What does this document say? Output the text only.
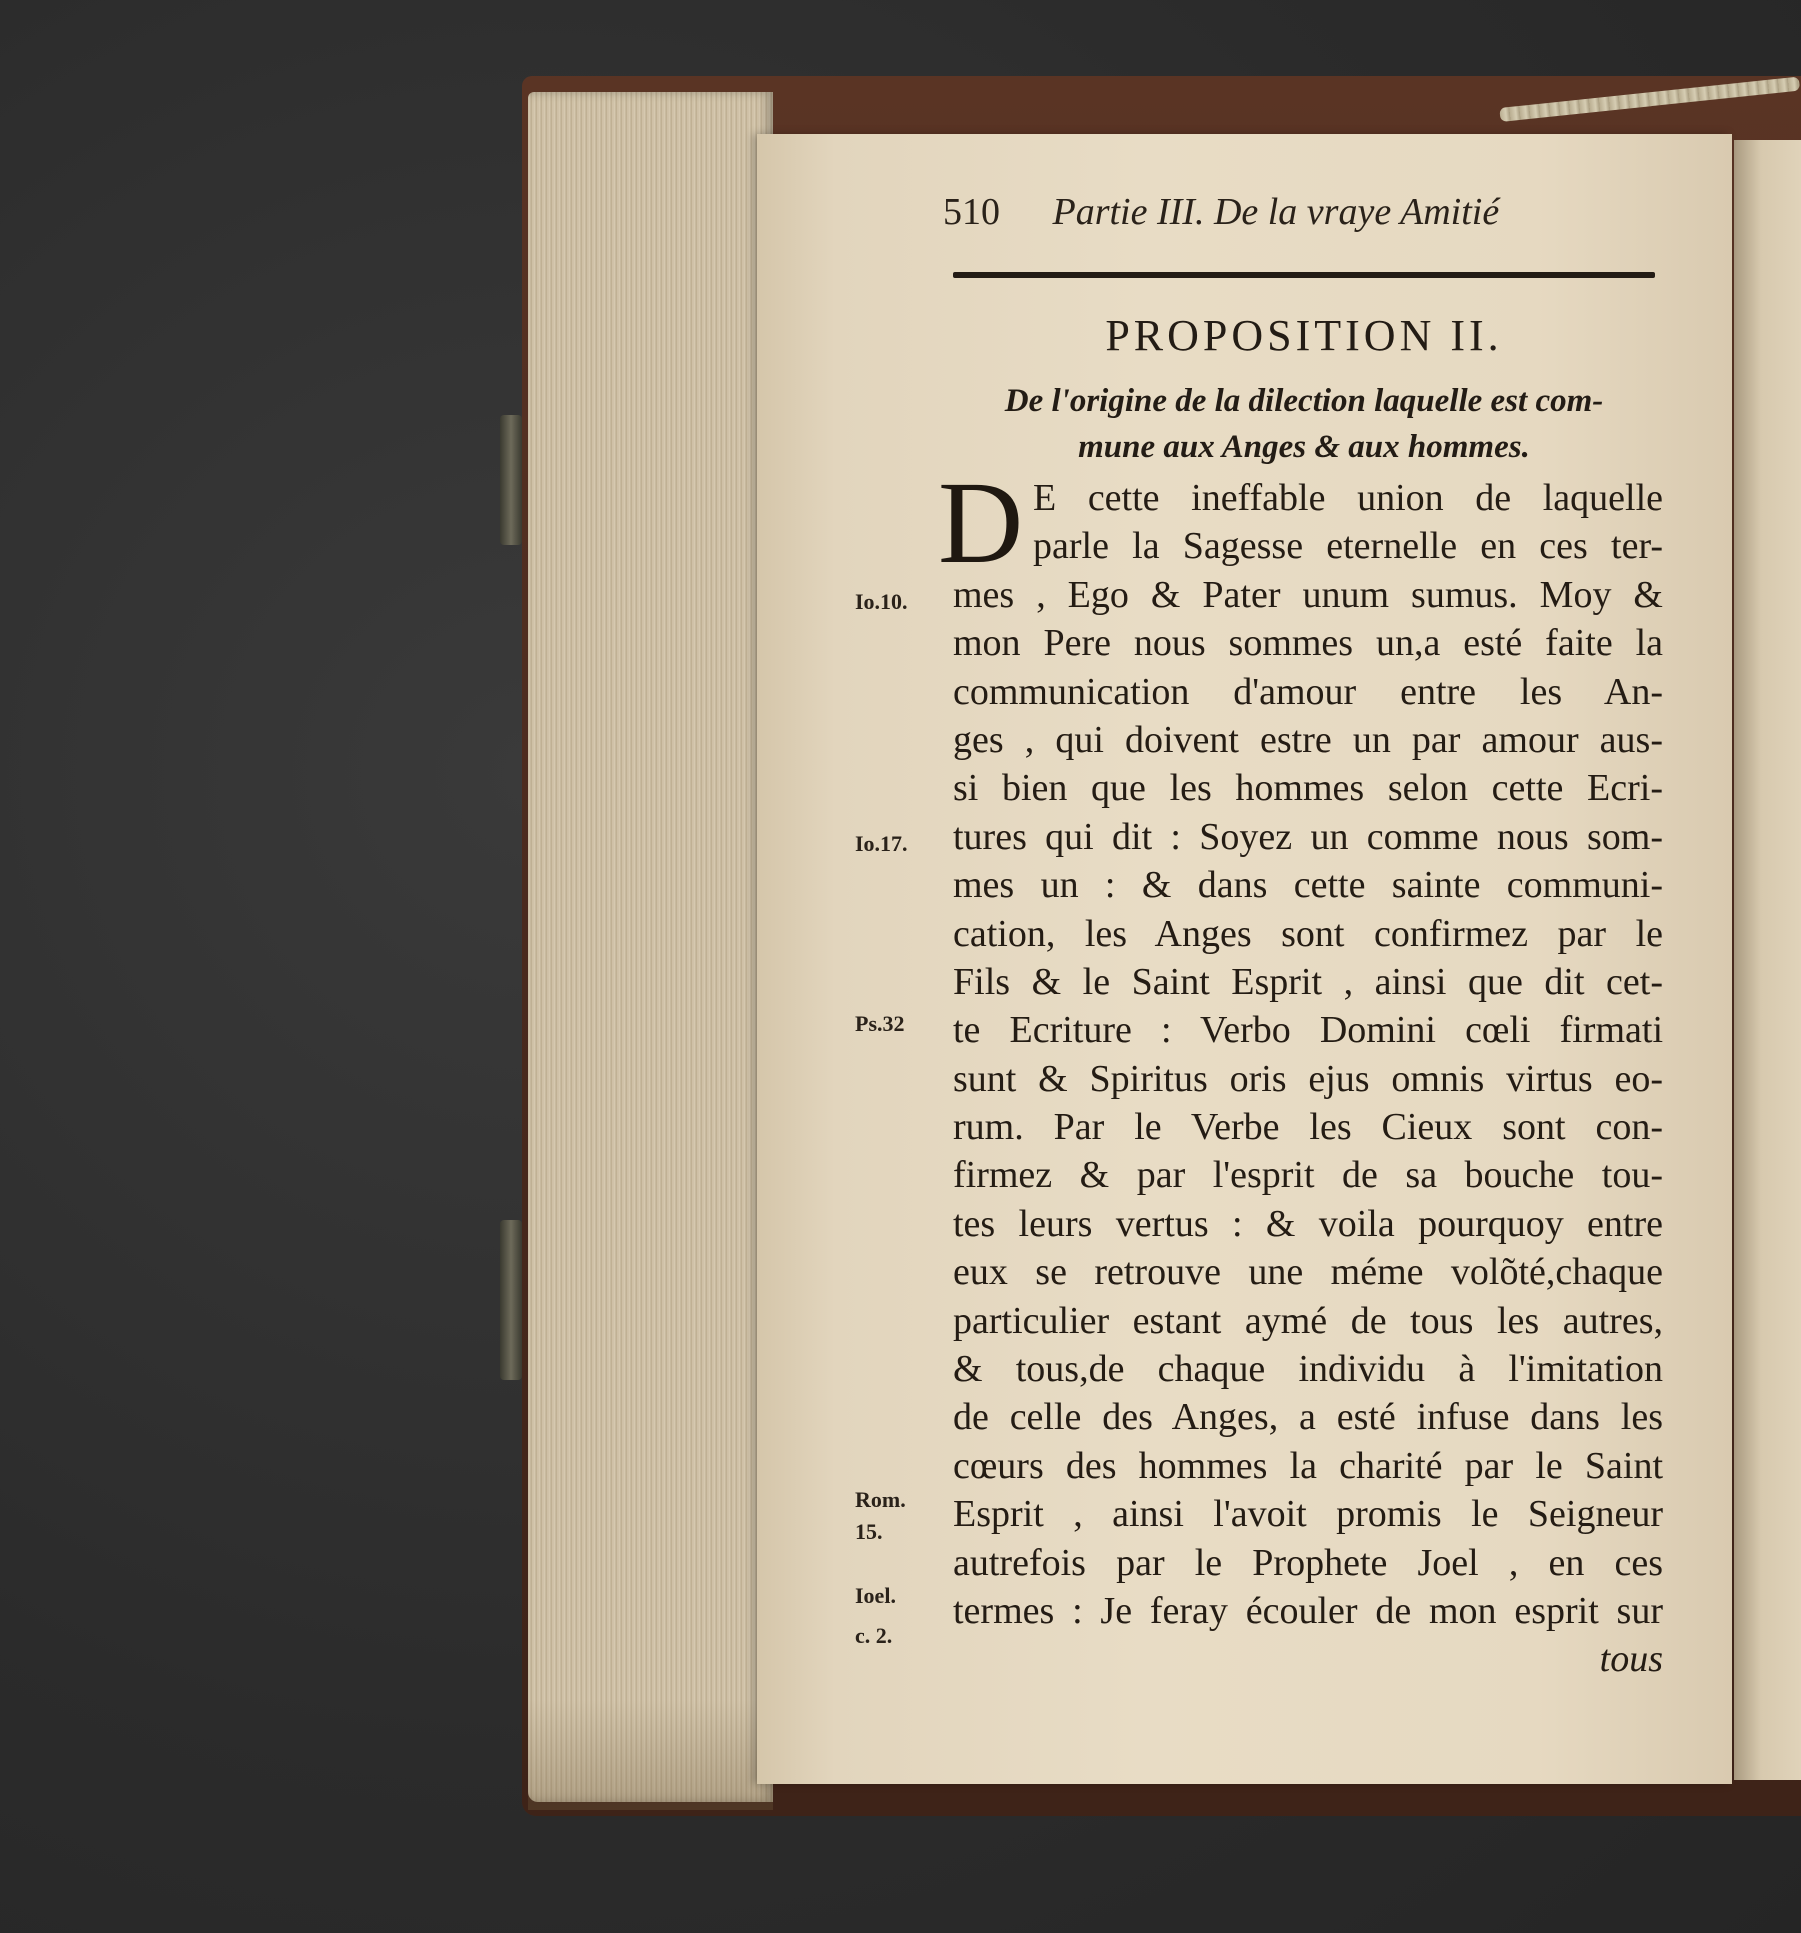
510 Partie III. De la vraye Amitié
PROPOSITION II.
De l'origine de la dilection laquelle est com-
mune aux Anges & aux hommes.
D E cette ineffable union de laquelle
parle la Sagesse eternelle en ces ter-
mes , Ego & Pater unum sumus. Moy &
mon Pere nous sommes un,a esté faite la
communication d'amour entre les An-
ges , qui doivent estre un par amour aus-
si bien que les hommes selon cette Ecri-
tures qui dit : Soyez un comme nous som-
mes un : & dans cette sainte communi-
cation, les Anges sont confirmez par le
Fils & le Saint Esprit , ainsi que dit cet-
te Ecriture : Verbo Domini cœli firmati
sunt & Spiritus oris ejus omnis virtus eo-
rum. Par le Verbe les Cieux sont con-
firmez & par l'esprit de sa bouche tou-
tes leurs vertus : & voila pourquoy entre
eux se retrouve une méme volõté,chaque
particulier estant aymé de tous les autres,
& tous,de chaque individu à l'imitation
de celle des Anges, a esté infuse dans les
cœurs des hommes la charité par le Saint
Esprit , ainsi l'avoit promis le Seigneur
autrefois par le Prophete Joel , en ces
termes : Je feray écouler de mon esprit sur
tous
Io.10.
Io.17.
Ps.32
Rom.
15.
Ioel.
c. 2.
